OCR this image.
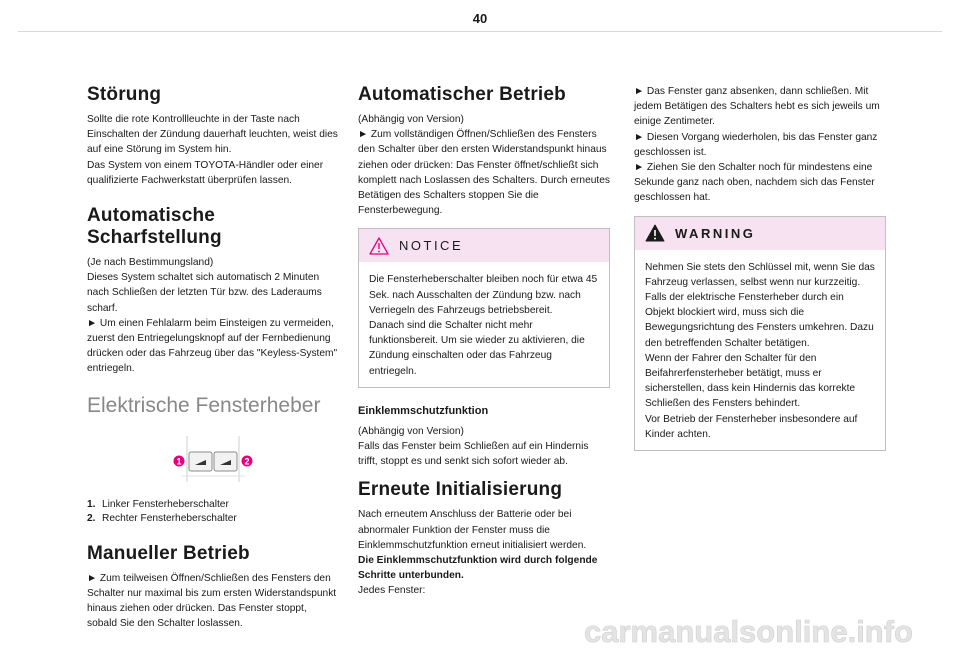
40
Störung

Sollte die rote Kontrollleuchte in der Taste nach Einschalten der Zündung dauerhaft leuchten, weist dies auf eine Störung im System hin.

Das System von einem TOYOTA-Händler oder einer qualifizierte Fachwerkstatt überprüfen lassen.

Automatische Scharfstellung

(Je nach Bestimmungsland)

Dieses System schaltet sich automatisch 2 Minuten nach Schließen der letzten Tür bzw. des Laderaums scharf.

► Um einen Fehlalarm beim Einsteigen zu vermeiden, zuerst den Entriegelungsknopf auf der Fernbedienung drücken oder das Fahrzeug über das "Keyless-System" entriegeln.

Elektrische Fensterheber
1	2
1. Linker Fensterheberschalter
2. Rechter Fensterheberschalter
Manueller Betrieb

► Zum teilweisen Öffnen/Schließen des Fensters den Schalter nur maximal bis zum ersten Widerstandspunkt hinaus ziehen oder drücken. Das Fenster stoppt, sobald Sie den Schalter loslassen.

Automatischer Betrieb

(Abhängig von Version)

► Zum vollständigen Öffnen/Schließen des Fensters den Schalter über den ersten Widerstandspunkt hinaus ziehen oder drücken: Das Fenster öffnet/schließt sich komplett nach Loslassen des Schalters. Durch erneutes Betätigen des Schalters stoppen Sie die Fensterbewegung.

NOTICE

Die Fensterheberschalter bleiben noch für etwa 45 Sek. nach Ausschalten der Zündung bzw. nach Verriegeln des Fahrzeugs betriebsbereit.

Danach sind die Schalter nicht mehr funktionsbereit. Um sie wieder zu aktivieren, die Zündung einschalten oder das Fahrzeug entriegeln.

Einklemmschutzfunktion

(Abhängig von Version)

Falls das Fenster beim Schließen auf ein Hindernis trifft, stoppt es und senkt sich sofort wieder ab.

Erneute Initialisierung

Nach erneutem Anschluss der Batterie oder bei abnormaler Funktion der Fenster muss die Einklemmschutzfunktion erneut initialisiert werden.

Die Einklemmschutzfunktion wird durch folgende Schritte unterbunden.

Jedes Fenster:

► Das Fenster ganz absenken, dann schließen. Mit jedem Betätigen des Schalters hebt es sich jeweils um einige Zentimeter.

► Diesen Vorgang wiederholen, bis das Fenster ganz geschlossen ist.

► Ziehen Sie den Schalter noch für mindestens eine Sekunde ganz nach oben, nachdem sich das Fenster geschlossen hat.

WARNING

Nehmen Sie stets den Schlüssel mit, wenn Sie das Fahrzeug verlassen, selbst wenn nur kurzzeitig.

Falls der elektrische Fensterheber durch ein Objekt blockiert wird, muss sich die Bewegungsrichtung des Fensters umkehren. Dazu den betreffenden Schalter betätigen.

Wenn der Fahrer den Schalter für den Beifahrerfensterheber betätigt, muss er sicherstellen, dass kein Hindernis das korrekte Schließen des Fensters behindert.

Vor Betrieb der Fensterheber insbesondere auf Kinder achten.

carmanualsonline.info
